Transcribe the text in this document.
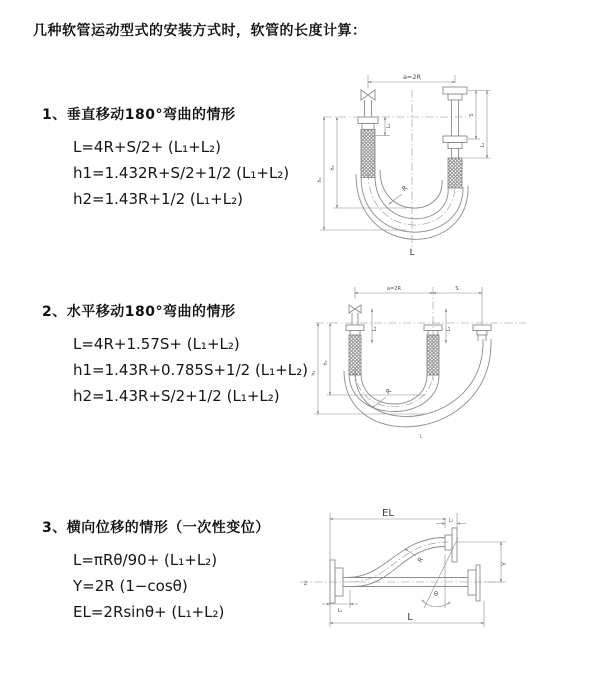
几种软管运动型式的安装方式时，软管的长度计算：
1、垂直移动180°弯曲的情形
L=4R+S/2+ (L₁+L₂)
h1=1.432R+S/2+1/2 (L₁+L₂)
h2=1.43R+1/2 (L₁+L₂)
2、水平移动180°弯曲的情形
L=4R+1.57S+ (L₁+L₂)
h1=1.43R+0.785S+1/2 (L₁+L₂)
h2=1.43R+S/2+1/2 (L₁+L₂)
3、横向位移的情形（一次性变位）
L=πRθ/90+ (L₁+L₂)
Y=2R (1−cosθ)
EL=2Rsinθ+ (L₁+L₂)
a=2R
h₁
h₂
L₁
S
L₂
R
L
a=2R	S
L₁	L₂
h₁
h₂
R
L
z
EL
L₂
Y
L
L₁
R
θ
